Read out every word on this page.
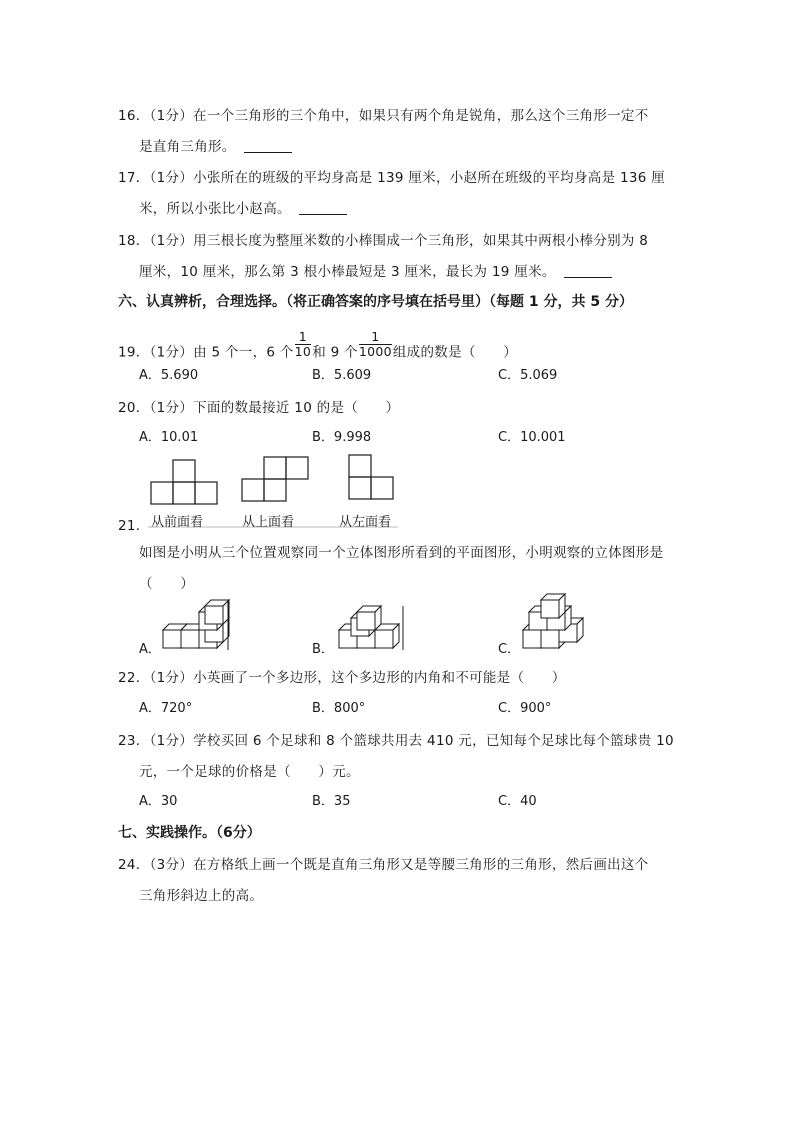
16．（1分）在一个三角形的三个角中，如果只有两个角是锐角，那么这个三角形一定不
是直角三角形。
17．（1分）小张所在的班级的平均身高是 139 厘米，小赵所在班级的平均身高是 136 厘
米，所以小张比小赵高。
18．（1分）用三根长度为整厘米数的小棒围成一个三角形，如果其中两根小棒分别为 8
厘米，10 厘米，那么第 3 根小棒最短是 3 厘米，最长为 19 厘米。
六、认真辨析，合理选择。（将正确答案的序号填在括号里）（每题 1 分，共 5 分）
19．（1分）由 5 个一，6 个 $\frac{1}{10}$ 和 9 个 $\frac{1}{1000}$ 组成的数是（　　）
A．5.690	B．5.609	C．5.069
20．（1分）下面的数最接近 10 的是（　　）
A．10.01	B．9.998	C．10.001
从前面看	从上面看	从左面看
21．
如图是小明从三个位置观察同一个立体图形所看到的平面图形，小明观察的立体图形是
（　　）
A．	B．	C．
22．（1分）小英画了一个多边形，这个多边形的内角和不可能是（　　）
A．720°	B．800°	C．900°
23．（1分）学校买回 6 个足球和 8 个篮球共用去 410 元，已知每个足球比每个篮球贵 10
元，一个足球的价格是（　　）元。
A．30	B．35	C．40
七、实践操作。（6分）
24．（3分）在方格纸上画一个既是直角三角形又是等腰三角形的三角形，然后画出这个
三角形斜边上的高。
